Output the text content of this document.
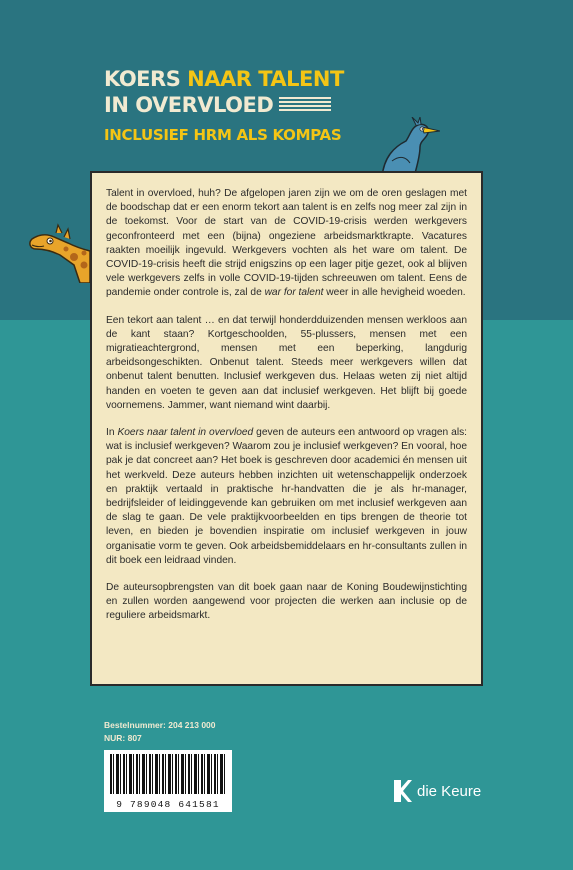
KOERS NAAR TALENT
IN OVERVLOED
INCLUSIEF HRM ALS KOMPAS

Talent in overvloed, huh? De afgelopen jaren zijn we om de oren geslagen met de boodschap dat er een enorm tekort aan talent is en zelfs nog meer zal zijn in de toekomst. Voor de start van de COVID-19-crisis werden werkgevers geconfronteerd met een (bijna) ongeziene arbeidsmarktkrapte. Vacatures raakten moeilijk ingevuld. Werkgevers vochten als het ware om talent. De COVID-19-crisis heeft die strijd enigszins op een lager pitje gezet, ook al blijven vele werkgevers zelfs in volle COVID-19-tijden schreeuwen om talent. Eens de pandemie onder controle is, zal de war for talent weer in alle hevigheid woeden.

Een tekort aan talent … en dat terwijl honderdduizenden mensen werkloos aan de kant staan? Kortgeschoolden, 55-plussers, mensen met een migratieachtergrond, mensen met een beperking, langdurig arbeidsongeschikten. Onbenut talent. Steeds meer werkgevers willen dat onbenut talent benutten. Inclusief werkgeven dus. Helaas weten zij niet altijd handen en voeten te geven aan dat inclusief werkgeven. Het blijft bij goede voornemens. Jammer, want niemand wint daarbij.

In Koers naar talent in overvloed geven de auteurs een antwoord op vragen als: wat is inclusief werkgeven? Waarom zou je inclusief werkgeven? En vooral, hoe pak je dat concreet aan? Het boek is geschreven door academici én mensen uit het werkveld. Deze auteurs hebben inzichten uit wetenschappelijk onderzoek en praktijk vertaald in praktische hr-handvatten die je als hr-manager, bedrijfsleider of leidinggevende kan gebruiken om met inclusief werkgeven aan de slag te gaan. De vele praktijkvoorbeelden en tips brengen de theorie tot leven, en bieden je bovendien inspiratie om inclusief werkgeven in jouw organisatie vorm te geven. Ook arbeidsbemiddelaars en hr-consultants zullen in dit boek een leidraad vinden.

De auteursopbrengsten van dit boek gaan naar de Koning Boudewijnstichting en zullen worden aangewend voor projecten die werken aan inclusie op de reguliere arbeidsmarkt.

Bestelnummer: 204 213 000
NUR: 807
9 789048 641581
die Keure
